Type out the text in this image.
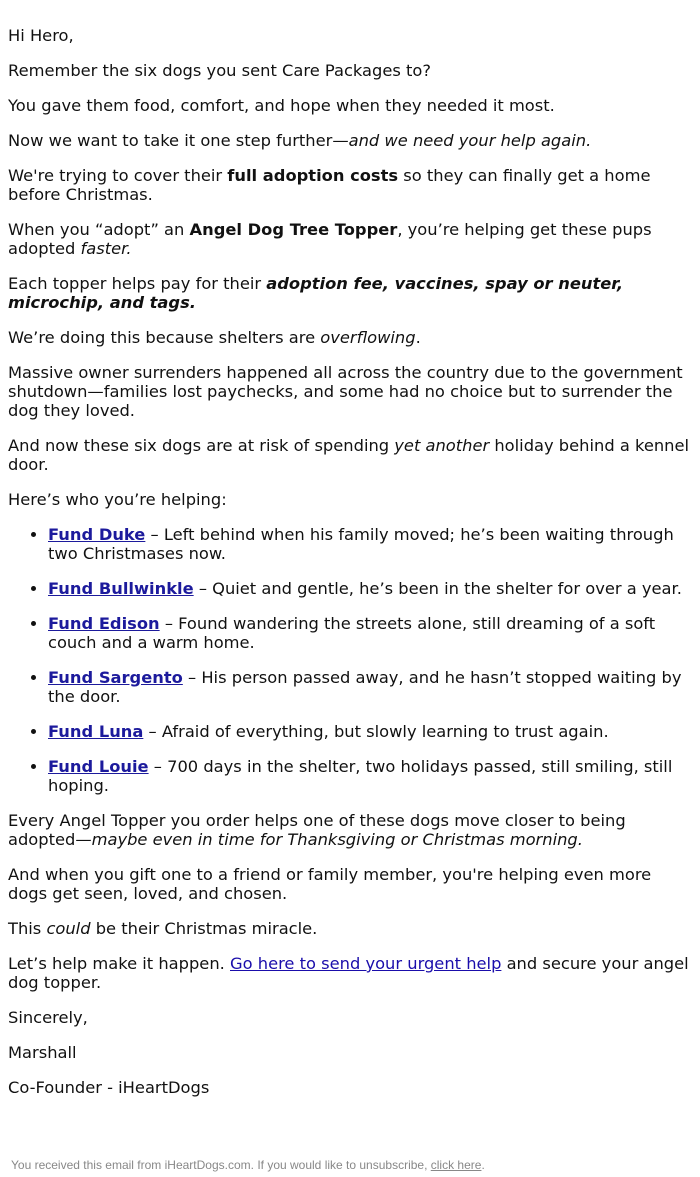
Hi Hero,

Remember the six dogs you sent Care Packages to?

You gave them food, comfort, and hope when they needed it most.

Now we want to take it one step further—and we need your help again.

We're trying to cover their full adoption costs so they can finally get a home before Christmas.

When you “adopt” an Angel Dog Tree Topper, you’re helping get these pups adopted faster.

Each topper helps pay for their adoption fee, vaccines, spay or neuter, microchip, and tags.

We’re doing this because shelters are overflowing.

Massive owner surrenders happened all across the country due to the government shutdown—families lost paychecks, and some had no choice but to surrender the dog they loved.

And now these six dogs are at risk of spending yet another holiday behind a kennel door.

Here’s who you’re helping:

• Fund Duke – Left behind when his family moved; he’s been waiting through two Christmases now.
• Fund Bullwinkle – Quiet and gentle, he’s been in the shelter for over a year.
• Fund Edison – Found wandering the streets alone, still dreaming of a soft couch and a warm home.
• Fund Sargento – His person passed away, and he hasn’t stopped waiting by the door.
• Fund Luna – Afraid of everything, but slowly learning to trust again.
• Fund Louie – 700 days in the shelter, two holidays passed, still smiling, still hoping.

Every Angel Topper you order helps one of these dogs move closer to being adopted—maybe even in time for Thanksgiving or Christmas morning.

And when you gift one to a friend or family member, you're helping even more dogs get seen, loved, and chosen.

This could be their Christmas miracle.

Let’s help make it happen. Go here to send your urgent help and secure your angel dog topper.

Sincerely,

Marshall

Co-Founder - iHeartDogs

You received this email from iHeartDogs.com. If you would like to unsubscribe, click here.
